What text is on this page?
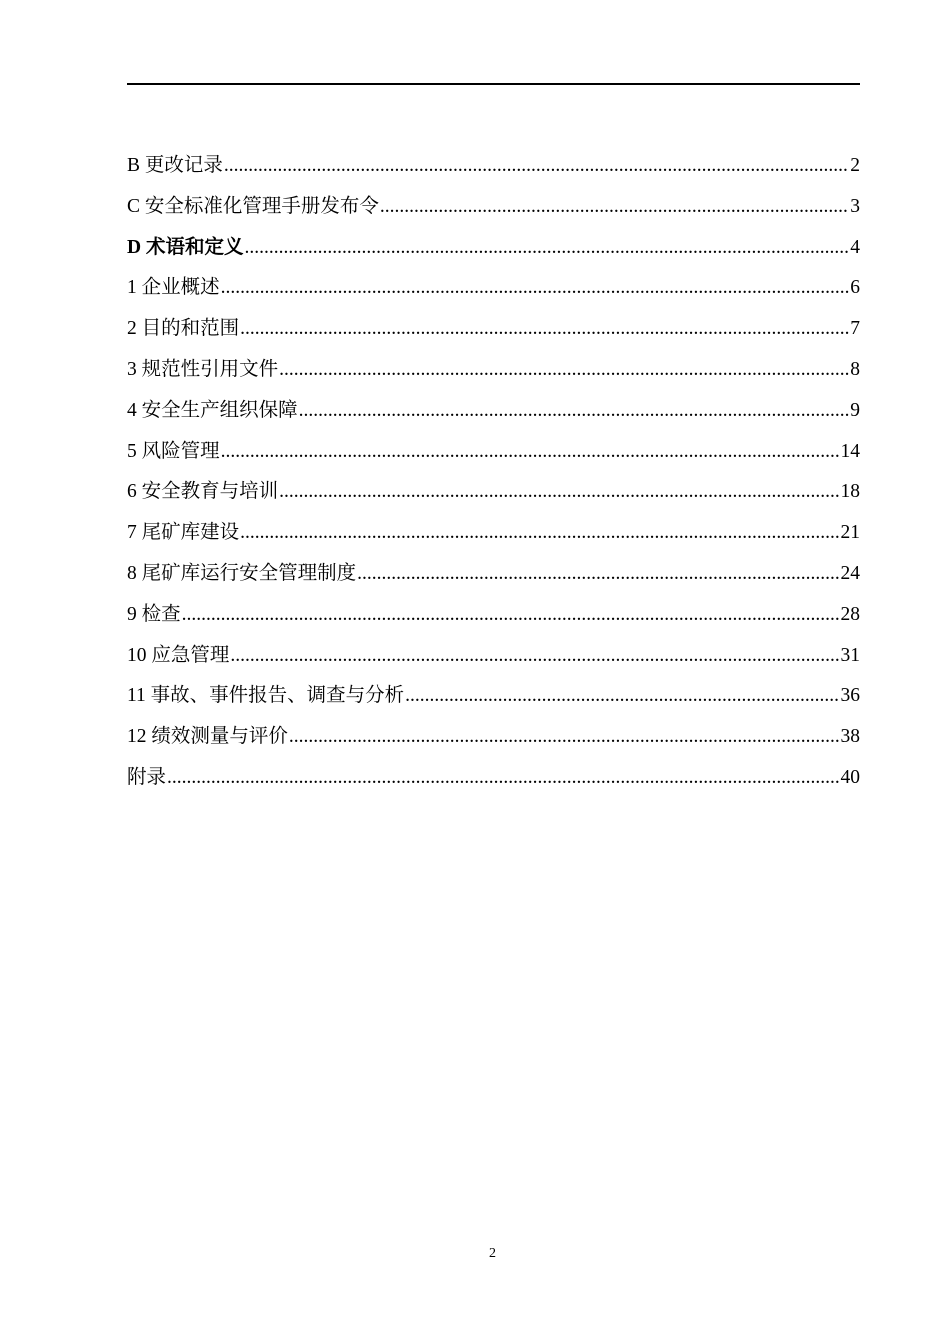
B 更改记录 .....	2
C 安全标准化管理手册发布令 .....	3
D 术语和定义 .....	4
1 企业概述 .....	6
2 目的和范围 .....	7
3 规范性引用文件 .....	8
4 安全生产组织保障 .....	9
5 风险管理 .....	14
6 安全教育与培训 .....	18
7 尾矿库建设 .....	21
8 尾矿库运行安全管理制度 .....	24
9 检查 .....	28
10 应急管理 .....	31
11 事故、事件报告、调查与分析 .....	36
12 绩效测量与评价 .....	38
附录 .....	40
2
